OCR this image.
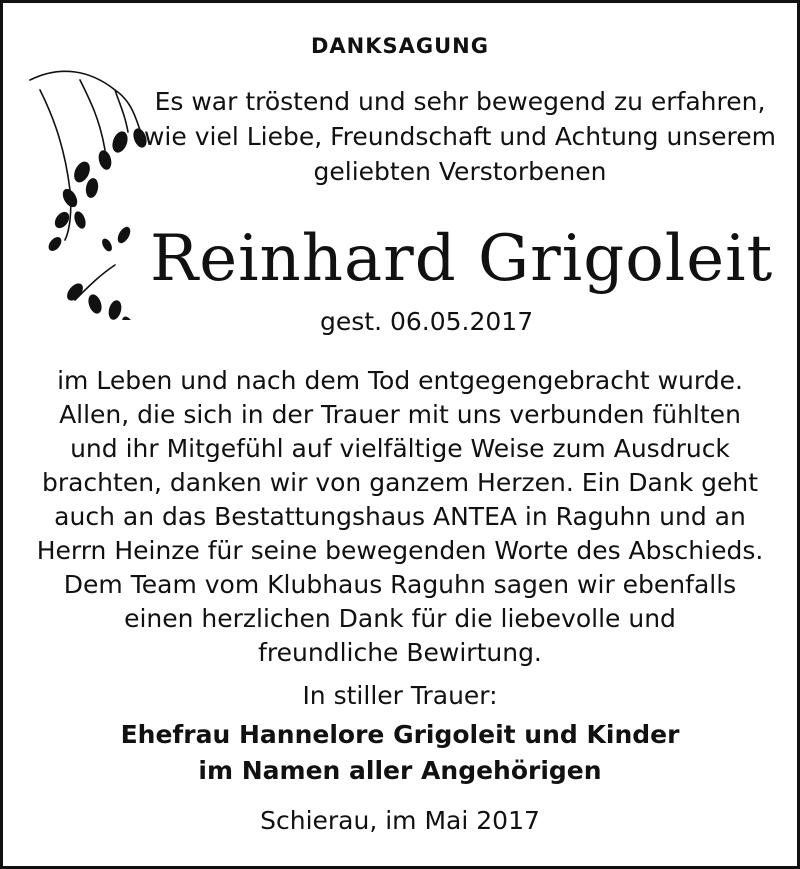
DANKSAGUNG
Es war tröstend und sehr bewegend zu erfahren,
wie viel Liebe, Freundschaft und Achtung unserem
geliebten Verstorbenen
Reinhard Grigoleit
gest. 06.05.2017
im Leben und nach dem Tod entgegengebracht wurde.
Allen, die sich in der Trauer mit uns verbunden fühlten
und ihr Mitgefühl auf vielfältige Weise zum Ausdruck
brachten, danken wir von ganzem Herzen. Ein Dank geht
auch an das Bestattungshaus ANTEA in Raguhn und an
Herrn Heinze für seine bewegenden Worte des Abschieds.
Dem Team vom Klubhaus Raguhn sagen wir ebenfalls
einen herzlichen Dank für die liebevolle und
freundliche Bewirtung.
In stiller Trauer:
Ehefrau Hannelore Grigoleit und Kinder
im Namen aller Angehörigen
Schierau, im Mai 2017
